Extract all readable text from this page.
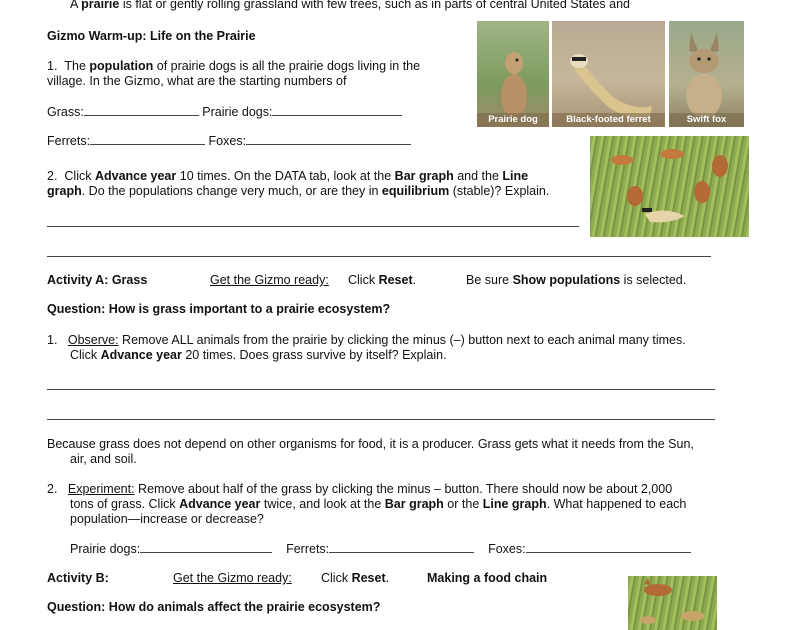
A prairie is flat or gently rolling grassland with few trees, such as in parts of central United States and
Gizmo Warm-up: Life on the Prairie
1. The population of prairie dogs is all the prairie dogs living in the
village. In the Gizmo, what are the starting numbers of
Grass:	Prairie dogs:
Ferrets:	Foxes:
2. Click Advance year 10 times. On the DATA tab, look at the Bar graph and the Line
graph. Do the populations change very much, or are they in equilibrium (stable)? Explain.
Prairie dog	Black-footed ferret	Swift fox
Activity A: Grass	Get the Gizmo ready: Click Reset.	Be sure Show populations is selected.
Question: How is grass important to a prairie ecosystem?
1. Observe: Remove ALL animals from the prairie by clicking the minus (–) button next to each animal many times.
Click Advance year 20 times. Does grass survive by itself? Explain.
Because grass does not depend on other organisms for food, it is a producer. Grass gets what it needs from the Sun,
air, and soil.
2. Experiment: Remove about half of the grass by clicking the minus – button. There should now be about 2,000
tons of grass. Click Advance year twice, and look at the Bar graph or the Line graph. What happened to each
population—increase or decrease?
Prairie dogs:	Ferrets:	Foxes:
Activity B:	Get the Gizmo ready: Click Reset.	Making a food chain
Question: How do animals affect the prairie ecosystem?
